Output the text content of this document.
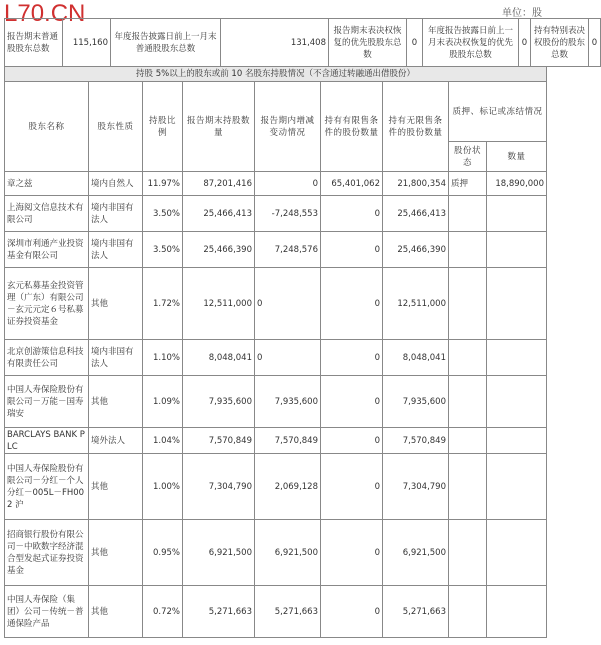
L70.CN	单位：股
报告期末普通股股东总数	115,160	年度报告披露日前上一月末普通股股东总数	131,408	报告期末表决权恢复的优先股股东总数	0	年度报告披露日前上一月末表决权恢复的优先股股东总数	0	持有特别表决权股份的股东总数	0
持股 5%以上的股东或前 10 名股东持股情况（不含通过转融通出借股份）								
股东名称	股东性质	持股比例	报告期末持股数量	报告期内增减变动情况	持有有限售条件的股份数量	持有无限售条件的股份数量	质押、标记或冻结情况	
							股份状态	数量
章之兹	境内自然人	11.97%	87,201,416	0	65,401,062	21,800,354	质押	18,890,000
上海阅文信息技术有限公司	境内非国有法人	3.50%	25,466,413	-7,248,553	0	25,466,413		
深圳市利通产业投资基金有限公司	境内非国有法人	3.50%	25,466,390	7,248,576	0	25,466,390		
玄元私募基金投资管理（广东）有限公司－玄元元定６号私募证券投资基金	其他	1.72%	12,511,000	0	0	12,511,000		
北京创游策信息科技有限责任公司	境内非国有法人	1.10%	8,048,041	0	0	8,048,041		
中国人寿保险股份有限公司－万能－国寿瑞安	其他	1.09%	7,935,600	7,935,600	0	7,935,600		
BARCLAYS BANK PLC	境外法人	1.04%	7,570,849	7,570,849	0	7,570,849		
中国人寿保险股份有限公司－分红－个人分红－005L－FH002 沪	其他	1.00%	7,304,790	2,069,128	0	7,304,790		
招商银行股份有限公司－中欧数字经济混合型发起式证券投资基金	其他	0.95%	6,921,500	6,921,500	0	6,921,500		
中国人寿保险（集团）公司－传统－普通保险产品	其他	0.72%	5,271,663	5,271,663	0	5,271,663		
